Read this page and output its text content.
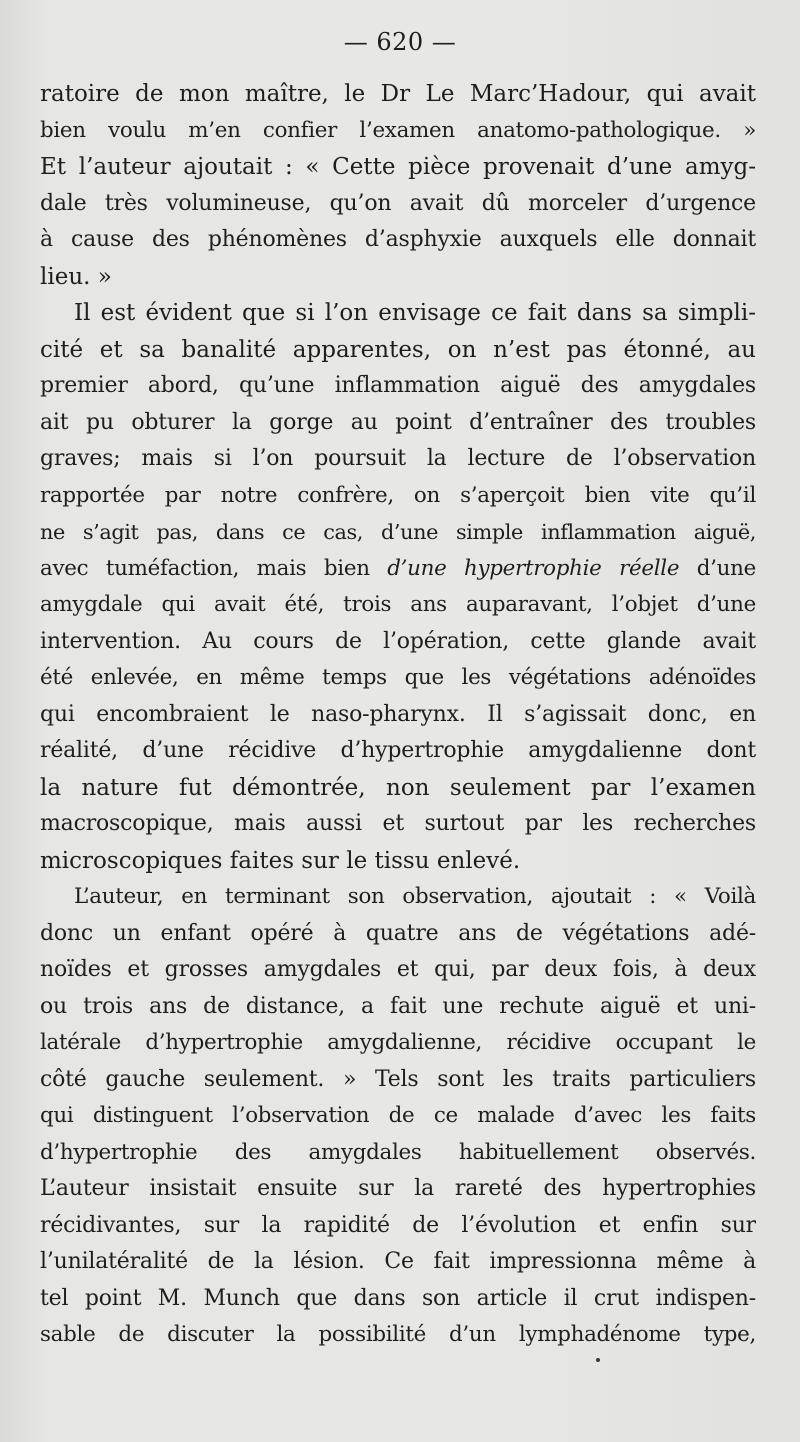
— 620 —
ratoire de mon maître, le Dr Le Marc’Hadour, qui avait
bien voulu m’en confier l’examen anatomo-pathologique. »
Et l’auteur ajoutait : « Cette pièce provenait d’une amyg-
dale très volumineuse, qu’on avait dû morceler d’urgence
à cause des phénomènes d’asphyxie auxquels elle donnait
lieu. »
Il est évident que si l’on envisage ce fait dans sa simpli-
cité et sa banalité apparentes, on n’est pas étonné, au
premier abord, qu’une inflammation aiguë des amygdales
ait pu obturer la gorge au point d’entraîner des troubles
graves; mais si l’on poursuit la lecture de l’observation
rapportée par notre confrère, on s’aperçoit bien vite qu’il
ne s’agit pas, dans ce cas, d’une simple inflammation aiguë,
avec tuméfaction, mais bien d’une hypertrophie réelle d’une
amygdale qui avait été, trois ans auparavant, l’objet d’une
intervention. Au cours de l’opération, cette glande avait
été enlevée, en même temps que les végétations adénoïdes
qui encombraient le naso-pharynx. Il s’agissait donc, en
réalité, d’une récidive d’hypertrophie amygdalienne dont
la nature fut démontrée, non seulement par l’examen
macroscopique, mais aussi et surtout par les recherches
microscopiques faites sur le tissu enlevé.
L’auteur, en terminant son observation, ajoutait : « Voilà
donc un enfant opéré à quatre ans de végétations adé-
noïdes et grosses amygdales et qui, par deux fois, à deux
ou trois ans de distance, a fait une rechute aiguë et uni-
latérale d’hypertrophie amygdalienne, récidive occupant le
côté gauche seulement. » Tels sont les traits particuliers
qui distinguent l’observation de ce malade d’avec les faits
d’hypertrophie des amygdales habituellement observés.
L’auteur insistait ensuite sur la rareté des hypertrophies
récidivantes, sur la rapidité de l’évolution et enfin sur
l’unilatéralité de la lésion. Ce fait impressionna même à
tel point M. Munch que dans son article il crut indispen-
sable de discuter la possibilité d’un lymphadénome type,
